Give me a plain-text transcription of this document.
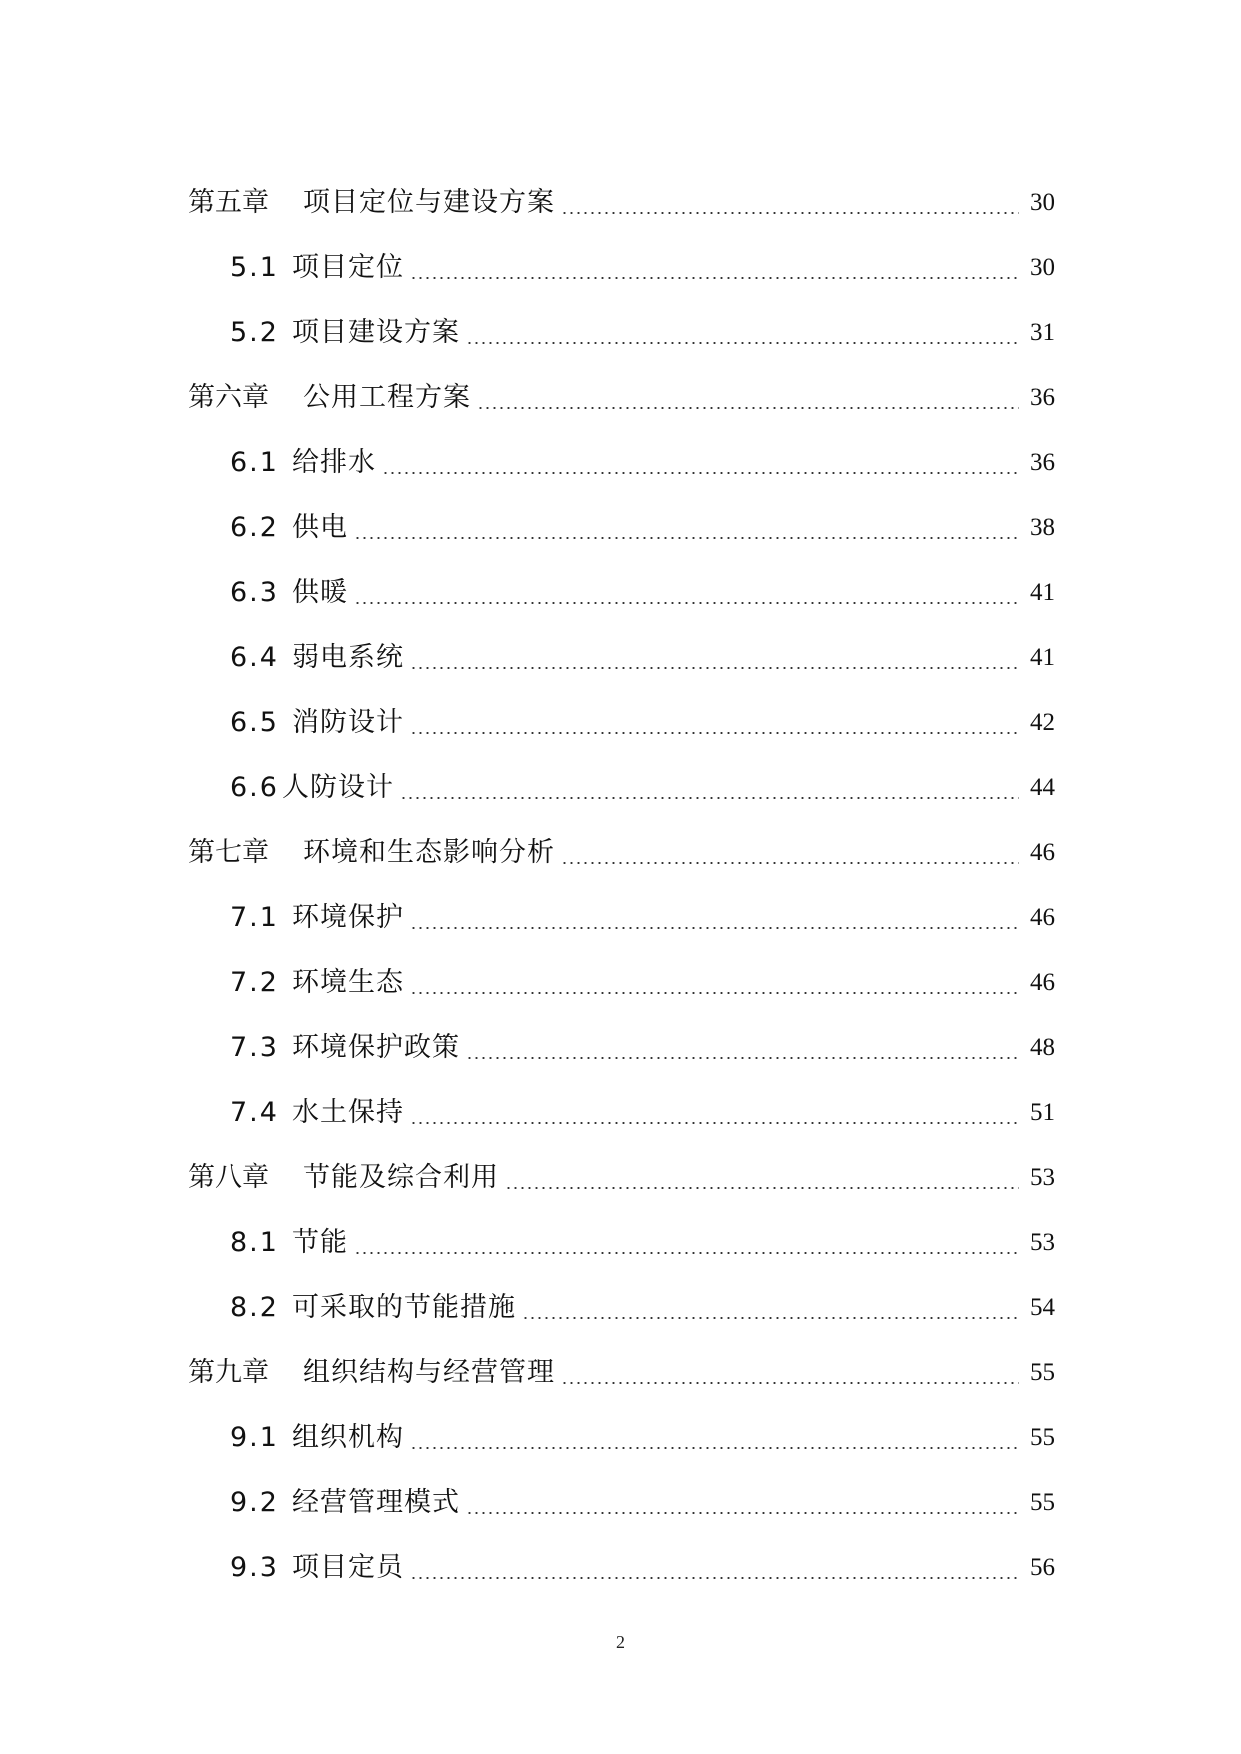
第五章	项目定位与建设方案	30
5.1 项目定位	30
5.2 项目建设方案	31
第六章	公用工程方案	36
6.1 给排水	36
6.2 供电	38
6.3 供暖	41
6.4 弱电系统	41
6.5 消防设计	42
6.6 人防设计	44
第七章	环境和生态影响分析	46
7.1 环境保护	46
7.2 环境生态	46
7.3 环境保护政策	48
7.4 水土保持	51
第八章	节能及综合利用	53
8.1 节能	53
8.2 可采取的节能措施	54
第九章	组织结构与经营管理	55
9.1 组织机构	55
9.2 经营管理模式	55
9.3 项目定员	56
2
